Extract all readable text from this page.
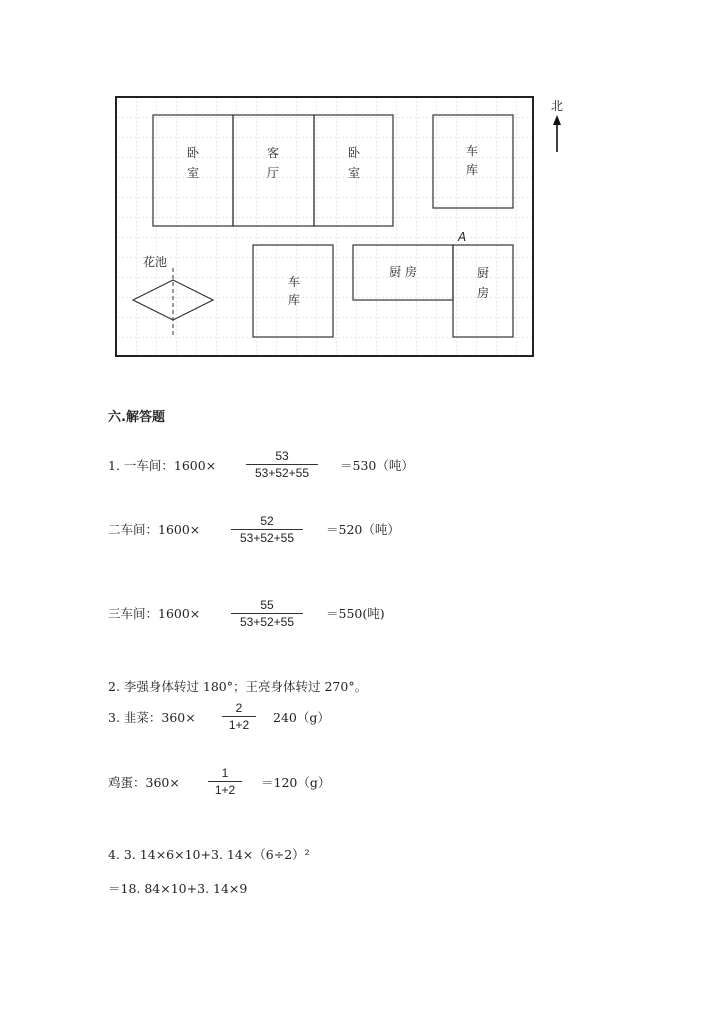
卧
室
客
厅
卧
室
车
库
车
库
厨 房	厨
房
花池
A
北
六.解答题
1. 一车间：1600×
53
53+52+55	＝530（吨）
二车间：1600×
52
53+52+55
＝520（吨）
三车间：1600×
55
53+52+55
＝550(吨)
2. 李强身体转过 180°；王亮身体转过 270°。
3. 韭菜：360×
2
1+2	240（g）
鸡蛋：360×
1
1+2	＝120（g）
4. 3. 14×6×10+3. 14×（6÷2）²
＝18. 84×10+3. 14×9
